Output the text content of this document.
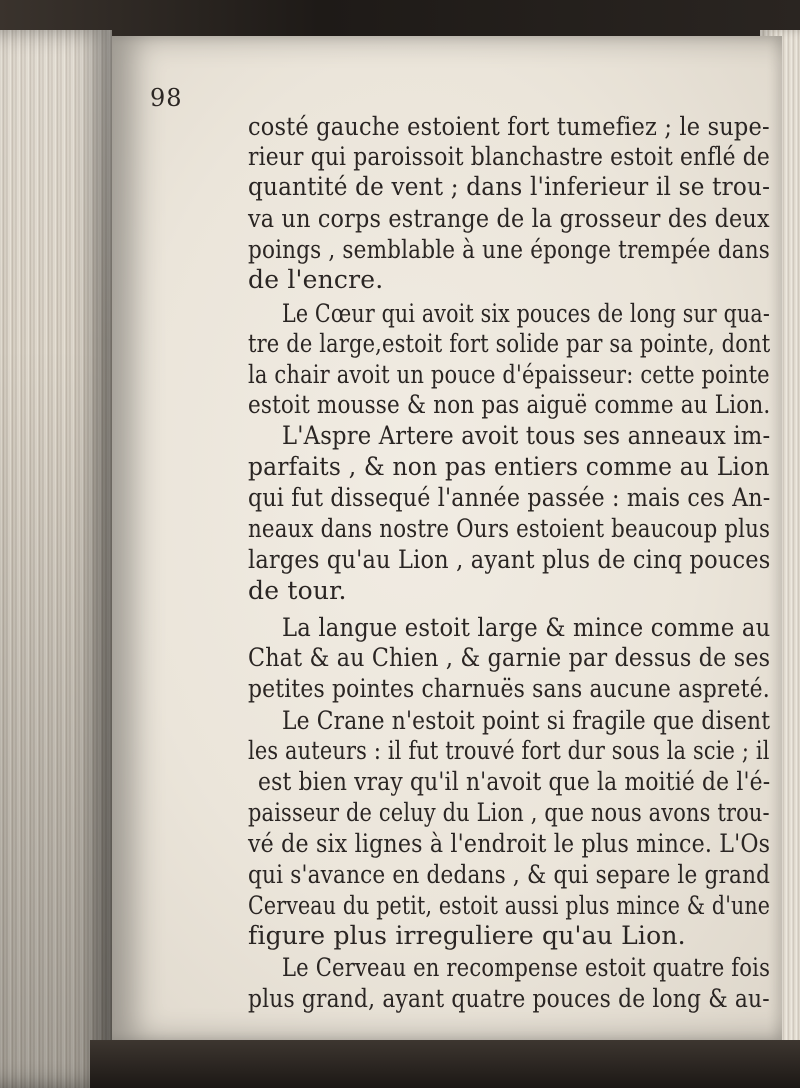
98
costé gauche estoient fort tumefiez ; le supe-
rieur qui paroissoit blanchastre estoit enflé de
quantité de vent ; dans l'inferieur il se trou-
va un corps estrange de la grosseur des deux
poings , semblable à une éponge trempée dans
de l'encre.
Le Cœur qui avoit six pouces de long sur qua-
tre de large,estoit fort solide par sa pointe, dont
la chair avoit un pouce d'épaisseur: cette pointe
estoit mousse & non pas aiguë comme au Lion.
L'Aspre Artere avoit tous ses anneaux im-
parfaits , & non pas entiers comme au Lion
qui fut dissequé l'année passée : mais ces An-
neaux dans nostre Ours estoient beaucoup plus
larges qu'au Lion , ayant plus de cinq pouces
de tour.
La langue estoit large & mince comme au
Chat & au Chien , & garnie par dessus de ses
petites pointes charnuës sans aucune aspreté.
Le Crane n'estoit point si fragile que disent
les auteurs : il fut trouvé fort dur sous la scie ; il
est bien vray qu'il n'avoit que la moitié de l'é-
paisseur de celuy du Lion , que nous avons trou-
vé de six lignes à l'endroit le plus mince. L'Os
qui s'avance en dedans , & qui separe le grand
Cerveau du petit, estoit aussi plus mince & d'une
figure plus irreguliere qu'au Lion.
Le Cerveau en recompense estoit quatre fois
plus grand, ayant quatre pouces de long & au-
